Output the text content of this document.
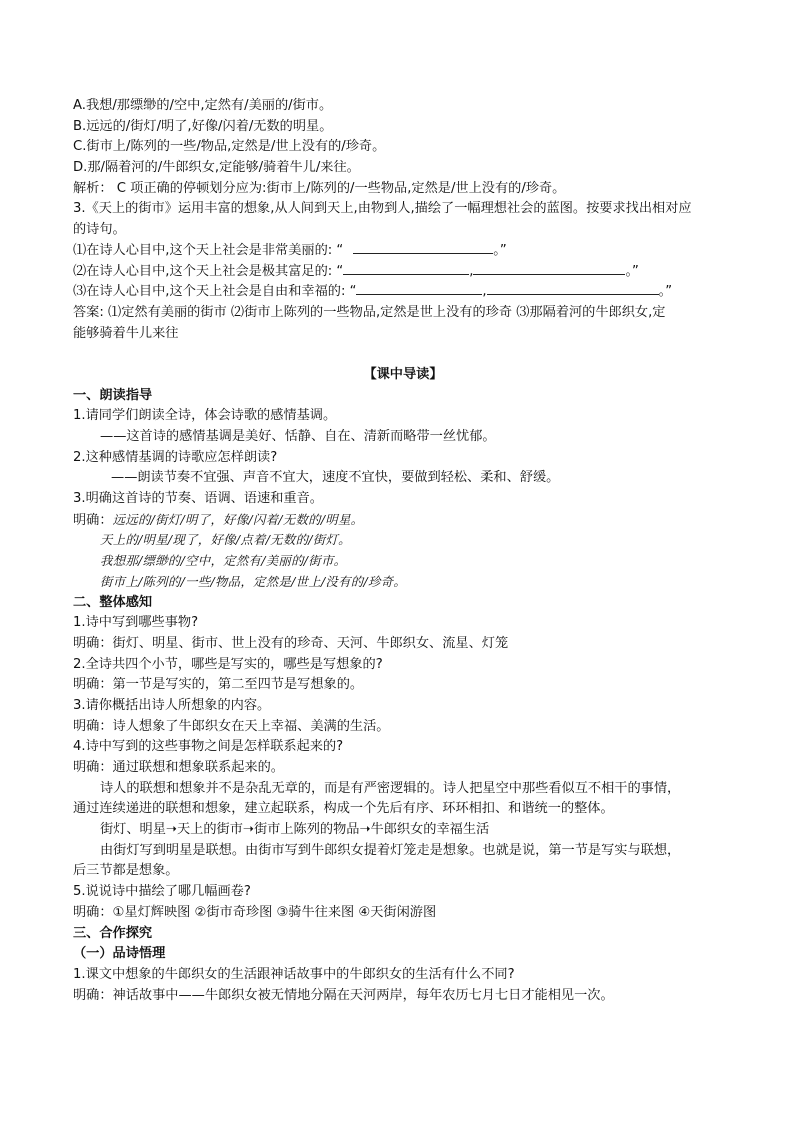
A.我想/那缥缈的/空中,定然有/美丽的/街市。
B.远远的/街灯/明了,好像/闪着/无数的明星。
C.街市上/陈列的一些/物品,定然是/世上没有的/珍奇。
D.那/隔着河的/牛郎织女,定能够/骑着牛儿/来往。
解析： C 项正确的停顿划分应为:街市上/陈列的/一些物品,定然是/世上没有的/珍奇。
3.《天上的街市》运用丰富的想象,从人间到天上,由物到人,描绘了一幅理想社会的蓝图。按要求找出相对应
的诗句。
⑴在诗人心目中,这个天上社会是非常美丽的: “	。”
⑵在诗人心目中,这个天上社会是极其富足的: “	,	。”
⑶在诗人心目中,这个天上社会是自由和幸福的: “	,	。”
答案: ⑴定然有美丽的街市 ⑵街市上陈列的一些物品,定然是世上没有的珍奇 ⑶那隔着河的牛郎织女,定
能够骑着牛儿来往
【课中导读】
一、朗读指导
1.请同学们朗读全诗，体会诗歌的感情基调。
——这首诗的感情基调是美好、恬静、自在、清新而略带一丝忧郁。
2.这种感情基调的诗歌应怎样朗读?
——朗读节奏不宜强、声音不宜大，速度不宜快，要做到轻松、柔和、舒缓。
3.明确这首诗的节奏、语调、语速和重音。
明确：远远的/街灯/明了，好像/闪着/无数的/明星。
天上的/明星/现了，好像/点着/无数的/街灯。
我想那/缥缈的/空中，定然有/美丽的/街市。
街市上/陈列的/一些/物品，定然是/世上/没有的/珍奇。
二、整体感知
1.诗中写到哪些事物?
明确：街灯、明星、街市、世上没有的珍奇、天河、牛郎织女、流星、灯笼
2.全诗共四个小节，哪些是写实的，哪些是写想象的?
明确：第一节是写实的，第二至四节是写想象的。
3.请你概括出诗人所想象的内容。
明确：诗人想象了牛郎织女在天上幸福、美满的生活。
4.诗中写到的这些事物之间是怎样联系起来的?
明确：通过联想和想象联系起来的。
诗人的联想和想象并不是杂乱无章的，而是有严密逻辑的。诗人把星空中那些看似互不相干的事情，
通过连续递进的联想和想象，建立起联系，构成一个先后有序、环环相扣、和谐统一的整体。
街灯、明星➝天上的街市➝街市上陈列的物品➝牛郎织女的幸福生活
由街灯写到明星是联想。由街市写到牛郎织女提着灯笼走是想象。也就是说，第一节是写实与联想，
后三节都是想象。
5.说说诗中描绘了哪几幅画卷?
明确：①星灯辉映图 ②街市奇珍图 ③骑牛往来图 ④天街闲游图
三、合作探究
（一）品诗悟理
1.课文中想象的牛郎织女的生活跟神话故事中的牛郎织女的生活有什么不同?
明确：神话故事中——牛郎织女被无情地分隔在天河两岸，每年农历七月七日才能相见一次。
